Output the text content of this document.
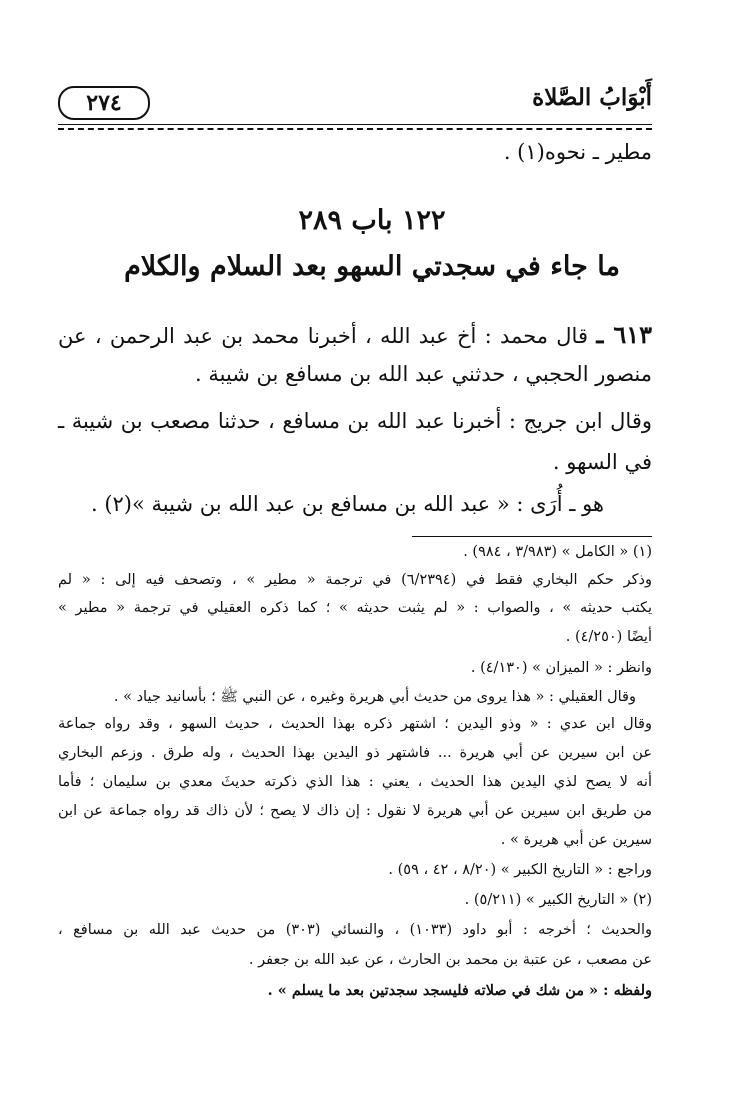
أَبْوَابُ الصَّلاة
٢٧٤
مطير ـ نحوه(١) .
١٢٢ باب ٢٨٩
ما جاء في سجدتي السهو بعد السلام والكلام
٦١٣ ـ قال محمد : أخ عبد الله ، أخبرنا محمد بن عبد الرحمن ، عن
منصور الحجبي ، حدثني عبد الله بن مسافع بن شيبة .
وقال ابن جريج : أخبرنا عبد الله بن مسافع ، حدثنا مصعب بن شيبة ـ
في السهو .
هو ـ أُرَى : « عبد الله بن مسافع بن عبد الله بن شيبة »(٢) .
(١) « الكامل » (٣/٩٨٣ ، ٩٨٤) .
وذكر حكم البخاري فقط في (٦/٢٣٩٤) في ترجمة « مطير » ، وتصحف فيه إلى : « لم
يكتب حديثه » ، والصواب : « لم يثبت حديثه » ؛ كما ذكره العقيلي في ترجمة « مطير »
أيضًا (٤/٢٥٠) .
وانظر : « الميزان » (٤/١٣٠) .
وقال العقيلي : « هذا يروى من حديث أبي هريرة وغيره ، عن النبي ﷺ ؛ بأسانيد جياد » .
وقال ابن عدي : « وذو اليدين ؛ اشتهر ذكره بهذا الحديث ، حديث السهو ، وقد رواه جماعة
عن ابن سيرين عن أبي هريرة ... فاشتهر ذو اليدين بهذا الحديث ، وله طرق . وزعم البخاري
أنه لا يصح لذي اليدين هذا الحديث ، يعني : هذا الذي ذكرته حديثَ معدي بن سليمان ؛ فأما
من طريق ابن سيرين عن أبي هريرة لا نقول : إن ذاك لا يصح ؛ لأن ذاك قد رواه جماعة عن ابن
سيرين عن أبي هريرة » .
وراجع : « التاريخ الكبير » (٨/٢٠ ، ٤٢ ، ٥٩) .
(٢) « التاريخ الكبير » (٥/٢١١) .
والحديث ؛ أخرجه : أبو داود (١٠٣٣) ، والنسائي (٣٠٣) من حديث عبد الله بن مسافع ،
عن مصعب ، عن عتبة بن محمد بن الحارث ، عن عبد الله بن جعفر .
ولفظه : « من شك في صلاته فليسجد سجدتين بعد ما يسلم » .
